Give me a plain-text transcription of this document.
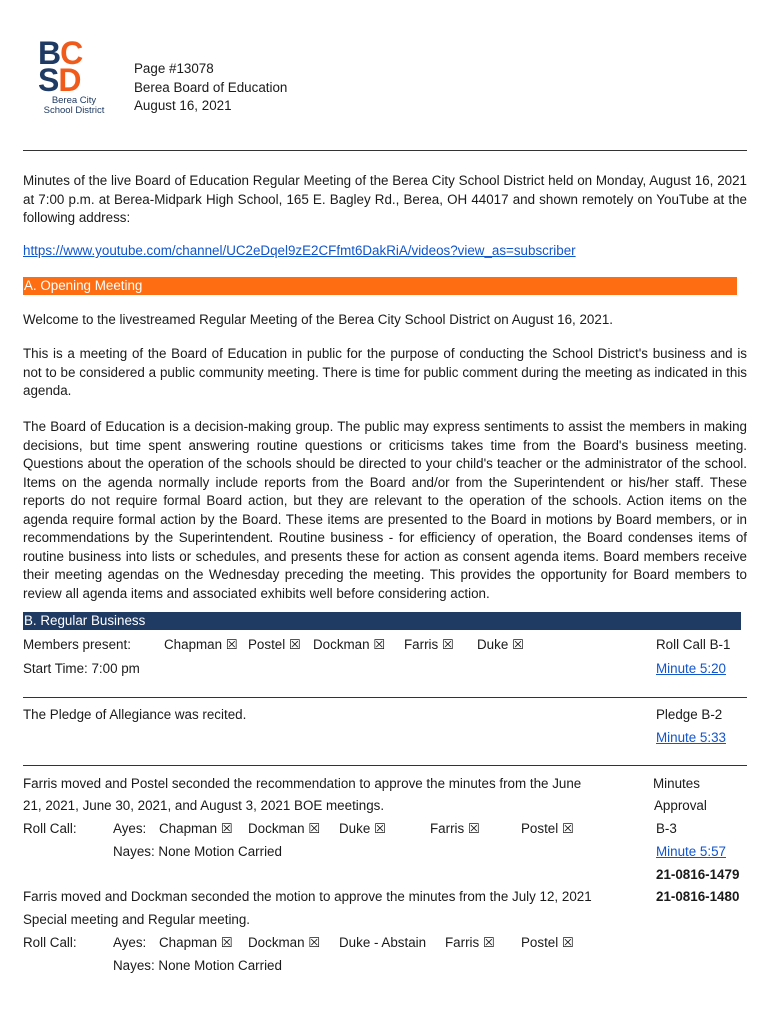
BC
SD
Berea City
School District
Page #13078
Berea Board of Education
August 16, 2021
Minutes of the live Board of Education Regular Meeting of the Berea City School District held on Monday, August 16, 2021 at 7:00 p.m. at Berea-Midpark High School, 165 E. Bagley Rd., Berea, OH 44017 and shown remotely on YouTube at the following address:
https://www.youtube.com/channel/UC2eDqel9zE2CFfmt6DakRiA/videos?view_as=subscriber
A. Opening Meeting
Welcome to the livestreamed Regular Meeting of the Berea City School District on August 16, 2021.
This is a meeting of the Board of Education in public for the purpose of conducting the School District's business and is not to be considered a public community meeting. There is time for public comment during the meeting as indicated in this agenda.
The Board of Education is a decision-making group. The public may express sentiments to assist the members in making decisions, but time spent answering routine questions or criticisms takes time from the Board's business meeting. Questions about the operation of the schools should be directed to your child's teacher or the administrator of the school. Items on the agenda normally include reports from the Board and/or from the Superintendent or his/her staff. These reports do not require formal Board action, but they are relevant to the operation of the schools. Action items on the agenda require formal action by the Board. These items are presented to the Board in motions by Board members, or in recommendations by the Superintendent. Routine business - for efficiency of operation, the Board condenses items of routine business into lists or schedules, and presents these for action as consent agenda items. Board members receive their meeting agendas on the Wednesday preceding the meeting. This provides the opportunity for Board members to review all agenda items and associated exhibits well before considering action.
B. Regular Business
Members present: Chapman ☒ Postel ☒ Dockman ☒ Farris ☒ Duke ☒	Roll Call B-1
Start Time: 7:00 pm	Minute 5:20
The Pledge of Allegiance was recited.	Pledge B-2
Minute 5:33
Farris moved and Postel seconded the recommendation to approve the minutes from the June	Minutes
21, 2021, June 30, 2021, and August 3, 2021 BOE meetings.	Approval
Roll Call:	Ayes: Chapman ☒ Dockman ☒ Duke ☒	Farris ☒	Postel ☒	B-3
Nayes: None Motion Carried	Minute 5:57
21-0816-1479
Farris moved and Dockman seconded the motion to approve the minutes from the July 12, 2021	21-0816-1480
Special meeting and Regular meeting.
Roll Call:	Ayes: Chapman ☒ Dockman ☒ Duke - Abstain Farris ☒ Postel ☒
Nayes: None Motion Carried
